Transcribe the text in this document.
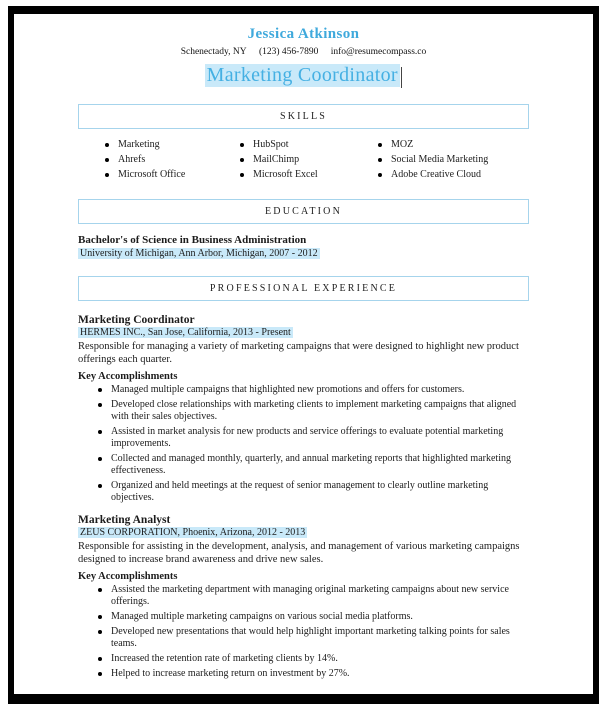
Jessica Atkinson
Schenectady, NY (123) 456-7890 info@resumecompass.co
Marketing Coordinator
SKILLS
Marketing
Ahrefs
Microsoft Office
HubSpot
MailChimp
Microsoft Excel
MOZ
Social Media Marketing
Adobe Creative Cloud
EDUCATION
Bachelor's of Science in Business Administration
University of Michigan, Ann Arbor, Michigan, 2007 - 2012
PROFESSIONAL EXPERIENCE
Marketing Coordinator
HERMES INC., San Jose, California, 2013 - Present
Responsible for managing a variety of marketing campaigns that were designed to highlight new product offerings each quarter.
Key Accomplishments
Managed multiple campaigns that highlighted new promotions and offers for customers.
Developed close relationships with marketing clients to implement marketing campaigns that aligned with their sales objectives.
Assisted in market analysis for new products and service offerings to evaluate potential marketing improvements.
Collected and managed monthly, quarterly, and annual marketing reports that highlighted marketing effectiveness.
Organized and held meetings at the request of senior management to clearly outline marketing objectives.
Marketing Analyst
ZEUS CORPORATION, Phoenix, Arizona, 2012 - 2013
Responsible for assisting in the development, analysis, and management of various marketing campaigns designed to increase brand awareness and drive new sales.
Key Accomplishments
Assisted the marketing department with managing original marketing campaigns about new service offerings.
Managed multiple marketing campaigns on various social media platforms.
Developed new presentations that would help highlight important marketing talking points for sales teams.
Increased the retention rate of marketing clients by 14%.
Helped to increase marketing return on investment by 27%.
